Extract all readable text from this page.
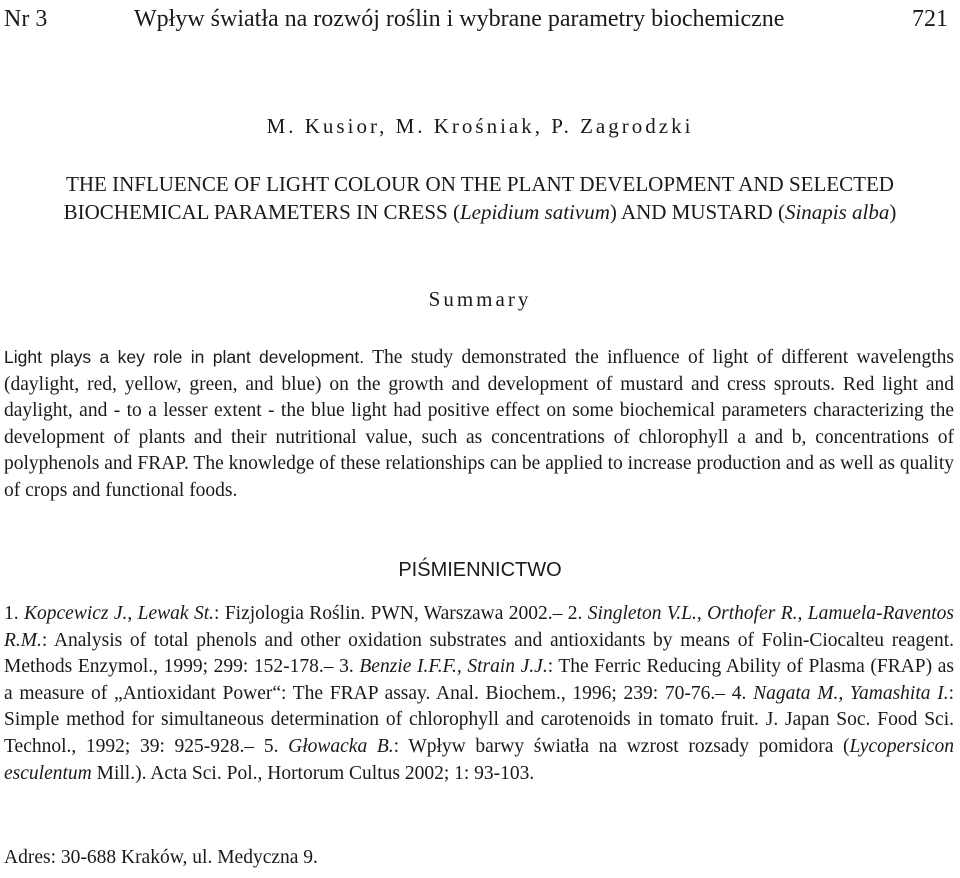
Nr 3	Wpływ światła na rozwój roślin i wybrane parametry biochemiczne	721
M. Kusior, M. Krośniak, P. Zagrodzki
THE INFLUENCE OF LIGHT COLOUR ON THE PLANT DEVELOPMENT AND SELECTED
BIOCHEMICAL PARAMETERS IN CRESS (Lepidium sativum) AND MUSTARD (Sinapis alba)
Summary
Light plays a key role in plant development. The study demonstrated the influence of light of different wavelengths (daylight, red, yellow, green, and blue) on the growth and development of mustard and cress sprouts. Red light and daylight, and - to a lesser extent - the blue light had positive effect on some biochemical parameters characterizing the development of plants and their nutritional value, such as concentrations of chlorophyll a and b, concentrations of polyphenols and FRAP. The knowledge of these relationships can be applied to increase production and as well as quality of crops and functional foods.
PIŚMIENNICTWO
1. Kopcewicz J., Lewak St.: Fizjologia Roślin. PWN, Warszawa 2002.– 2. Singleton V.L., Orthofer R., Lamuela-Raventos R.M.: Analysis of total phenols and other oxidation substrates and antioxidants by means of Folin-Ciocalteu reagent. Methods Enzymol., 1999; 299: 152-178.– 3. Benzie I.F.F., Strain J.J.: The Ferric Reducing Ability of Plasma (FRAP) as a measure of „Antioxidant Power“: The FRAP assay. Anal. Biochem., 1996; 239: 70-76.– 4. Nagata M., Yamashita I.: Simple method for simultaneous determination of chlorophyll and carotenoids in tomato fruit. J. Japan Soc. Food Sci. Technol., 1992; 39: 925-928.– 5. Głowacka B.: Wpływ barwy światła na wzrost rozsady pomidora (Lycopersicon esculentum Mill.). Acta Sci. Pol., Hortorum Cultus 2002; 1: 93-103.
Adres: 30-688 Kraków, ul. Medyczna 9.
